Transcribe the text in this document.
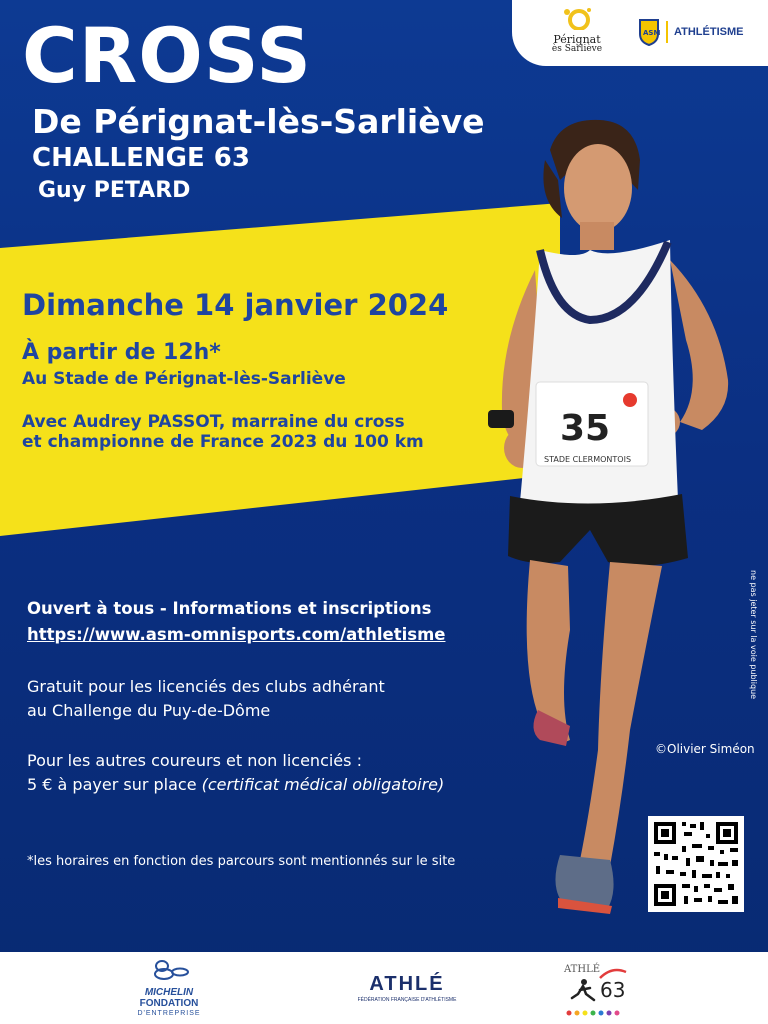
35
STADE CLERMONTOIS
Pérignat
ès Sarliève
ASM ATHLÉTISME
CROSS
De Pérignat-lès-Sarliève
CHALLENGE 63
Guy PETARD
Dimanche 14 janvier 2024
À partir de 12h*
Au Stade de Pérignat-lès-Sarliève
Avec Audrey PASSOT, marraine du cross
et championne de France 2023 du 100 km
Ouvert à tous - Informations et inscriptions
https://www.asm-omnisports.com/athletisme
Gratuit pour les licenciés des clubs adhérant
au Challenge du Puy-de-Dôme
Pour les autres coureurs et non licenciés :
5 € à payer sur place (certificat médical obligatoire)
*les horaires en fonction des parcours sont mentionnés sur le site
©Olivier Siméon
ne pas jeter sur la voie publique
MICHELIN
FONDATION
D'ENTREPRISE
ATHLÉ
FÉDÉRATION FRANÇAISE D'ATHLÉTISME
ATHLÉ
63
